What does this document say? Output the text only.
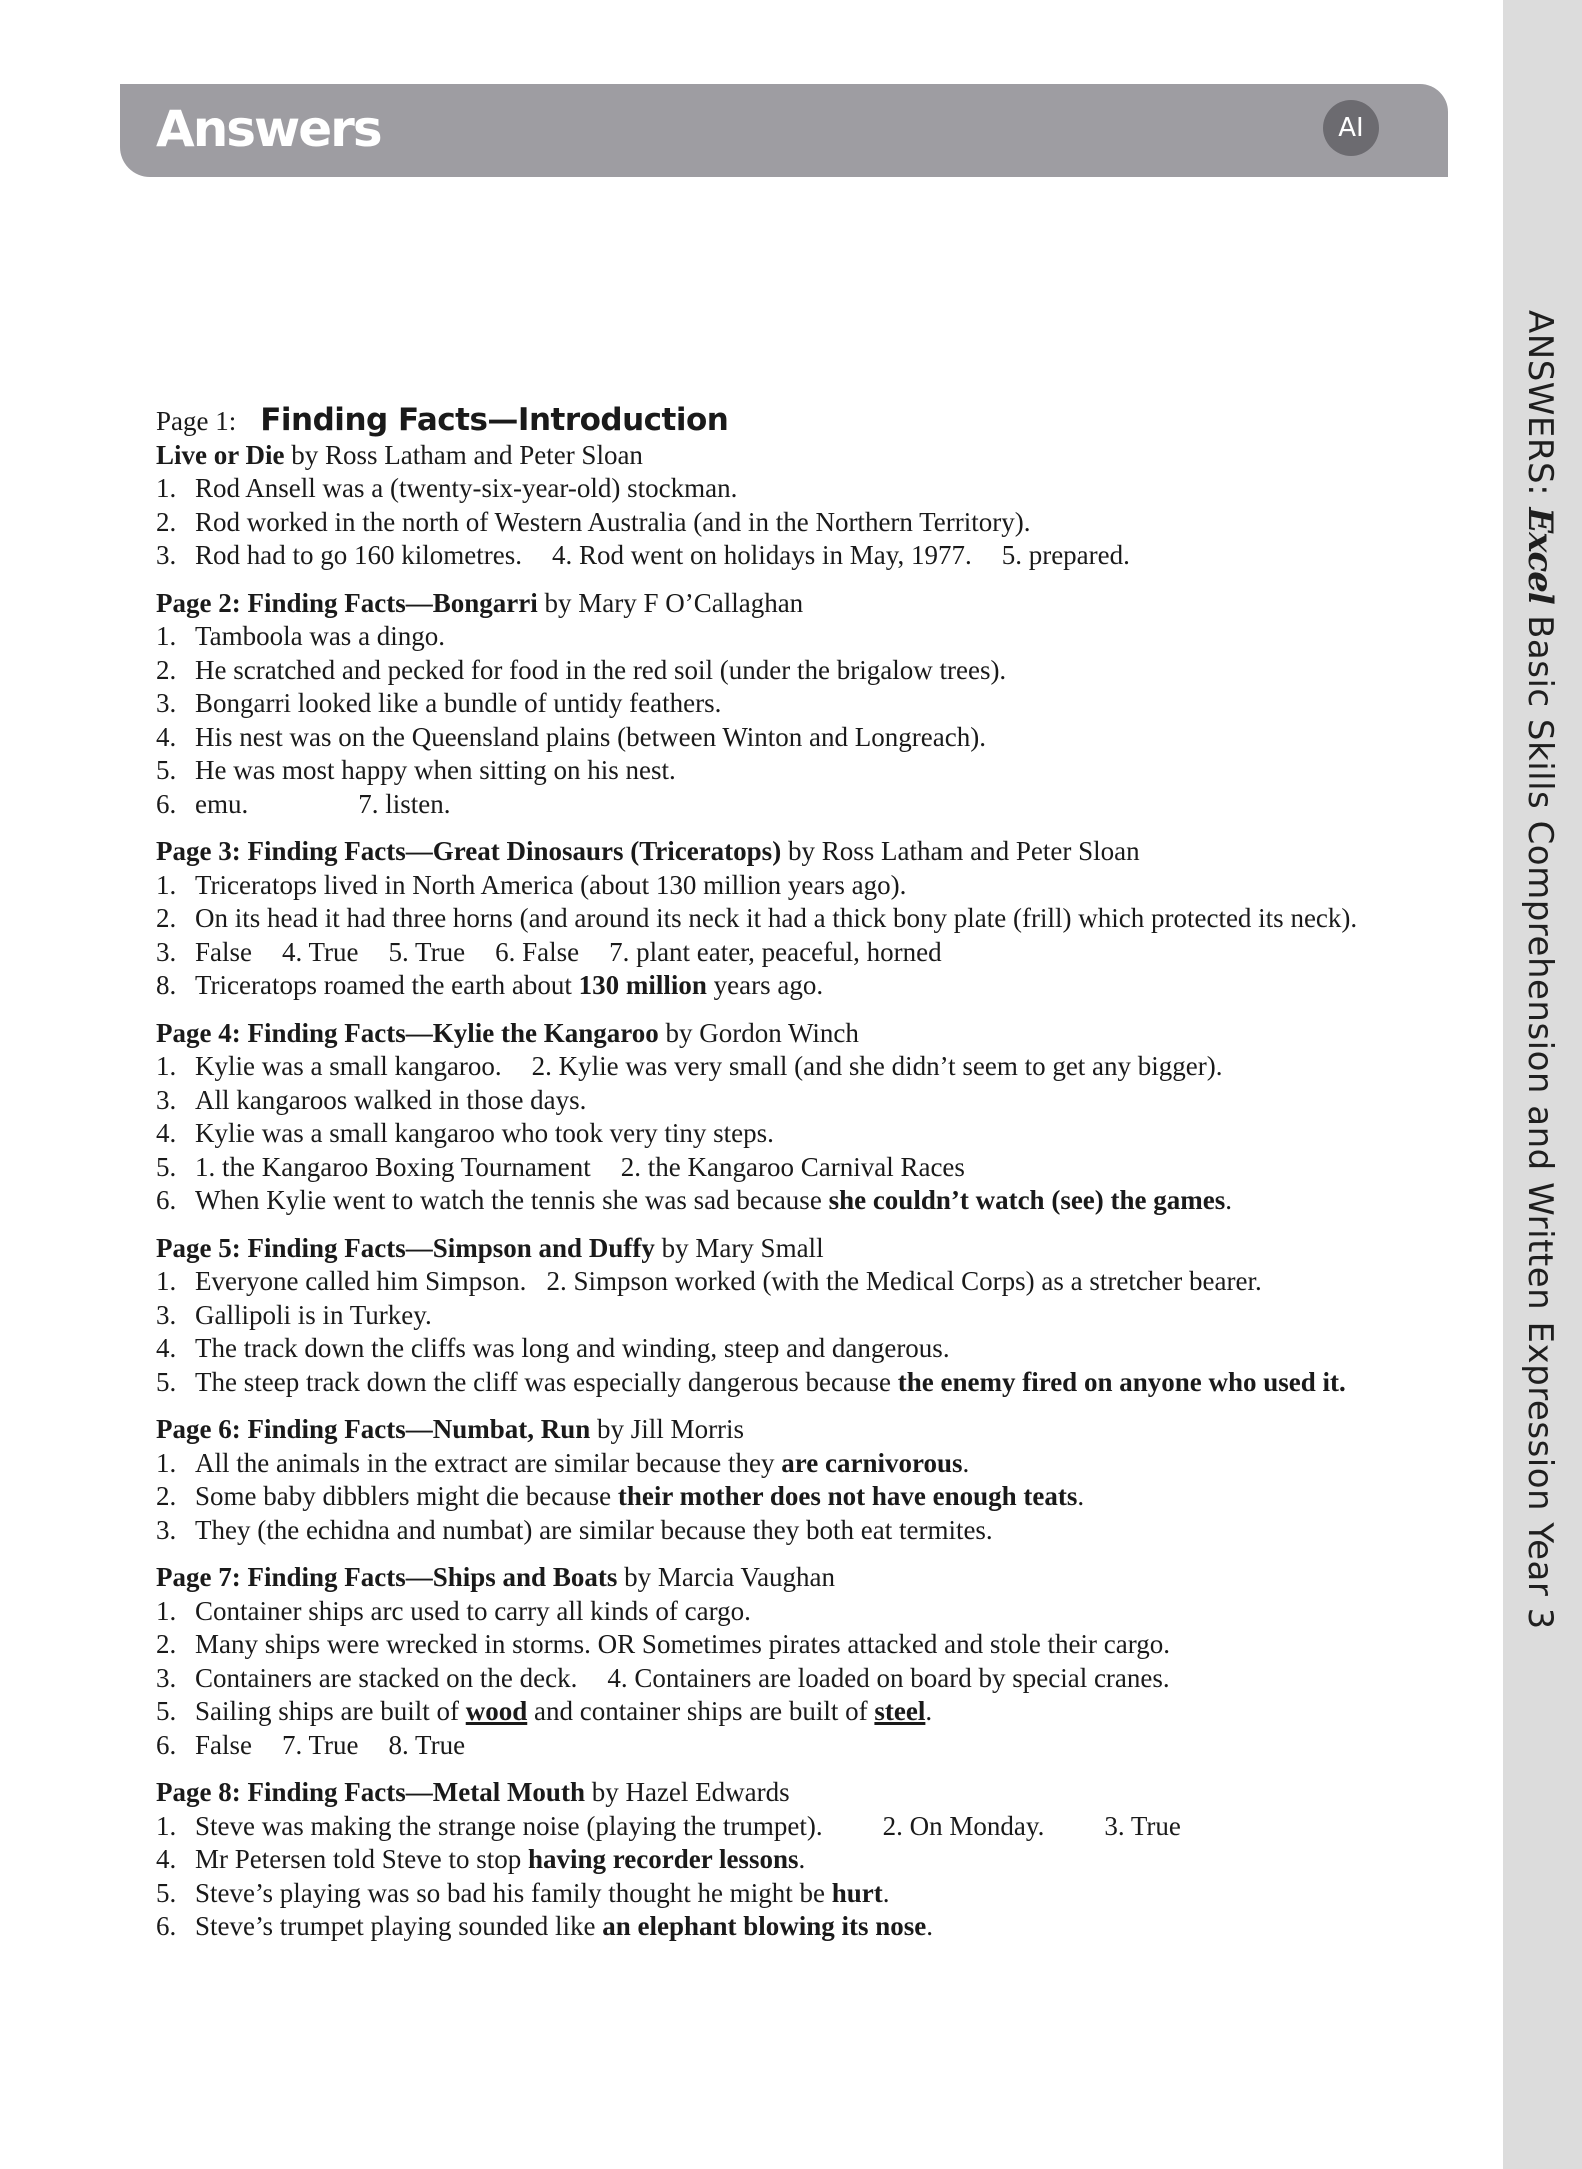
Answers	AI
ANSWERS: Excel Basic Skills Comprehension and Written Expression Year 3
Page 1: Finding Facts—Introduction
Live or Die by Ross Latham and Peter Sloan
1. Rod Ansell was a (twenty-six-year-old) stockman.
2. Rod worked in the north of Western Australia (and in the Northern Territory).
3. Rod had to go 160 kilometres. 4. Rod went on holidays in May, 1977. 5. prepared.
Page 2: Finding Facts—Bongarri by Mary F O’Callaghan
1. Tamboola was a dingo.
2. He scratched and pecked for food in the red soil (under the brigalow trees).
3. Bongarri looked like a bundle of untidy feathers.
4. His nest was on the Queensland plains (between Winton and Longreach).
5. He was most happy when sitting on his nest.
6. emu.	7. listen.
Page 3: Finding Facts—Great Dinosaurs (Triceratops) by Ross Latham and Peter Sloan
1. Triceratops lived in North America (about 130 million years ago).
2. On its head it had three horns (and around its neck it had a thick bony plate (frill) which protected its neck).
3. False 4. True 5. True 6. False 7. plant eater, peaceful, horned
8. Triceratops roamed the earth about 130 million years ago.
Page 4: Finding Facts—Kylie the Kangaroo by Gordon Winch
1. Kylie was a small kangaroo. 2. Kylie was very small (and she didn’t seem to get any bigger).
3. All kangaroos walked in those days.
4. Kylie was a small kangaroo who took very tiny steps.
5. 1. the Kangaroo Boxing Tournament 2. the Kangaroo Carnival Races
6. When Kylie went to watch the tennis she was sad because she couldn’t watch (see) the games.
Page 5: Finding Facts—Simpson and Duffy by Mary Small
1. Everyone called him Simpson. 2. Simpson worked (with the Medical Corps) as a stretcher bearer.
3. Gallipoli is in Turkey.
4. The track down the cliffs was long and winding, steep and dangerous.
5. The steep track down the cliff was especially dangerous because the enemy fired on anyone who used it.
Page 6: Finding Facts—Numbat, Run by Jill Morris
1. All the animals in the extract are similar because they are carnivorous.
2. Some baby dibblers might die because their mother does not have enough teats.
3. They (the echidna and numbat) are similar because they both eat termites.
Page 7: Finding Facts—Ships and Boats by Marcia Vaughan
1. Container ships arc used to carry all kinds of cargo.
2. Many ships were wrecked in storms. OR Sometimes pirates attacked and stole their cargo.
3. Containers are stacked on the deck. 4. Containers are loaded on board by special cranes.
5. Sailing ships are built of wood and container ships are built of steel.
6. False 7. True 8. True
Page 8: Finding Facts—Metal Mouth by Hazel Edwards
1. Steve was making the strange noise (playing the trumpet). 2. On Monday. 3. True
4. Mr Petersen told Steve to stop having recorder lessons.
5. Steve’s playing was so bad his family thought he might be hurt.
6. Steve’s trumpet playing sounded like an elephant blowing its nose.
